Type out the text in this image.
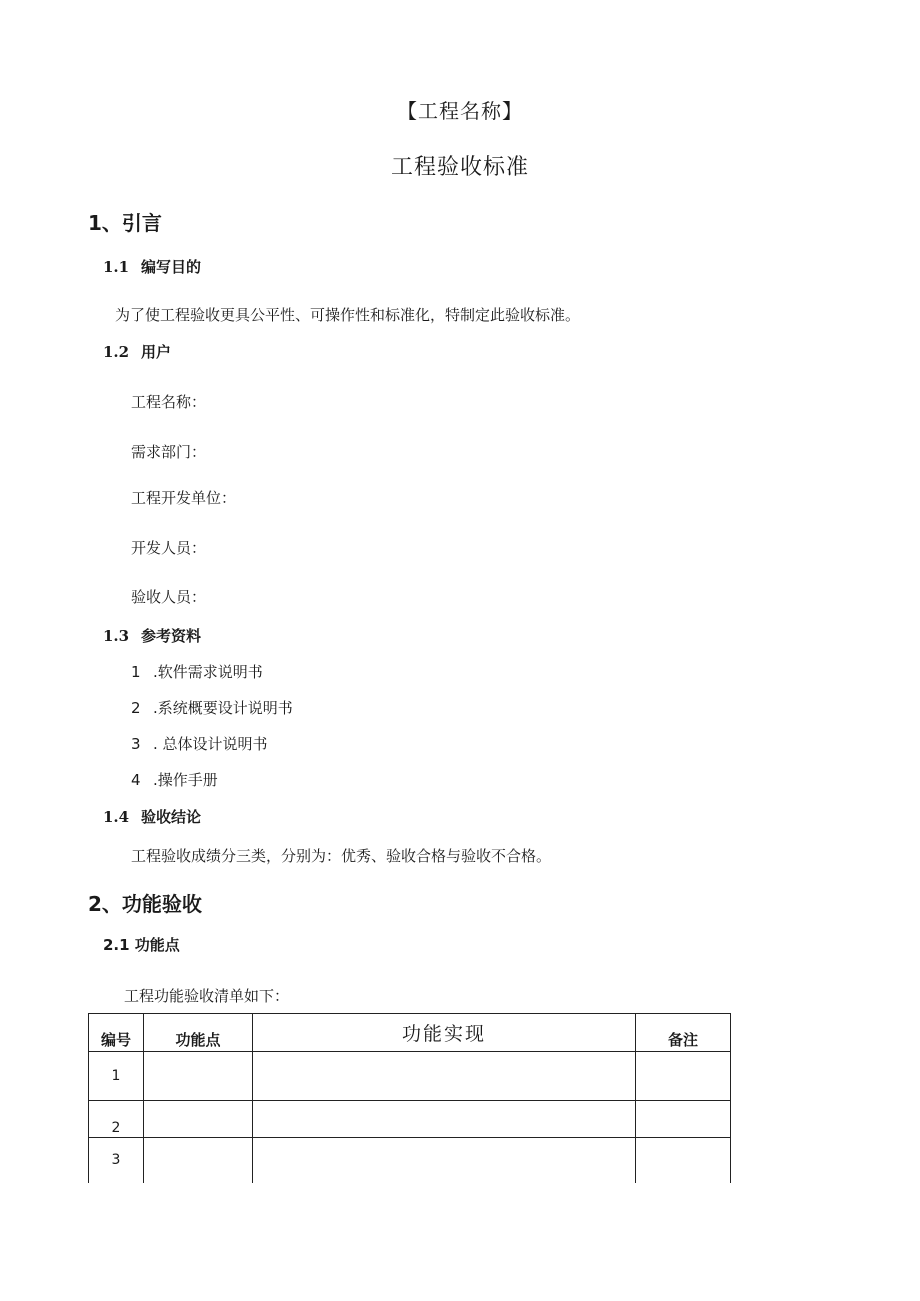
【工程名称】
工程验收标准
1、引言
1.1 编写目的
为了使工程验收更具公平性、可操作性和标准化，特制定此验收标准。
1.2 用户
工程名称：
需求部门：
工程开发单位：
开发人员：
验收人员：
1.3 参考资料
1 .软件需求说明书
2 .系统概要设计说明书
3 . 总体设计说明书
4 .操作手册
1.4 验收结论
工程验收成绩分三类，分别为：优秀、验收合格与验收不合格。
2、功能验收
2.1 功能点
工程功能验收清单如下：
编号	功能点	功能实现	备注
1			
2			
3			
